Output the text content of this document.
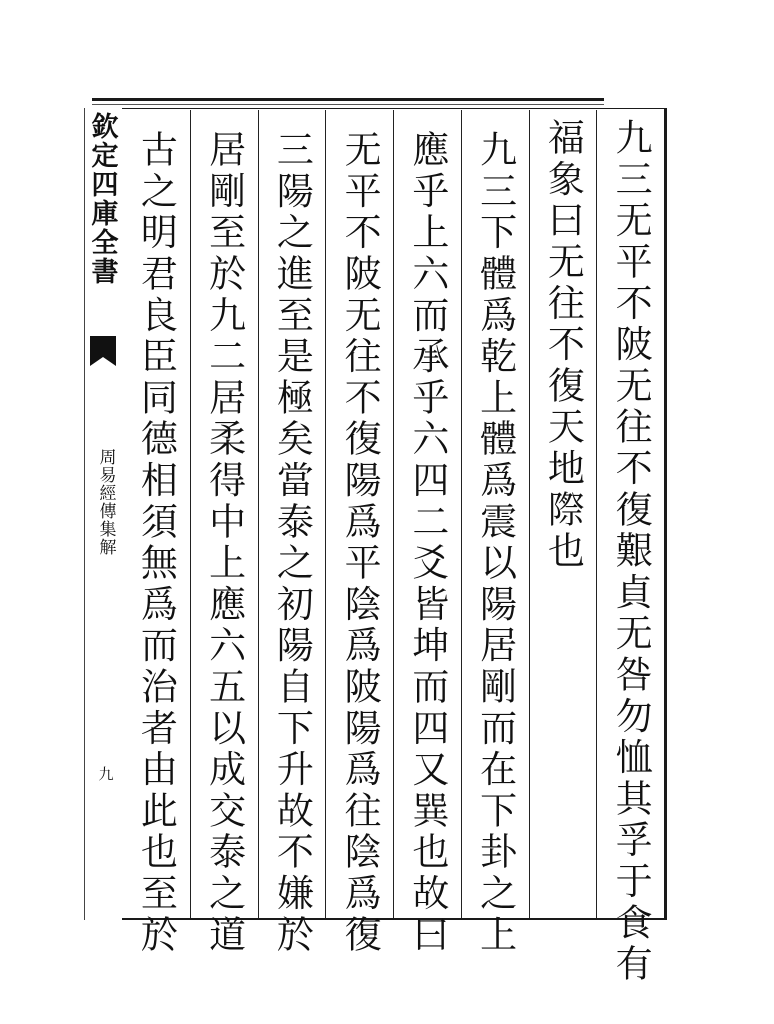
欽定四庫全書
周易經傳集解
九	九三无平不陂无往不復艱貞无咎勿恤其孚于食有
福象曰无往不復天地際也
九三下體爲乾上體爲震以陽居剛而在下卦之上
應乎上六而承乎六四二爻皆坤而四又巽也故曰
无平不陂无往不復陽爲平陰爲陂陽爲往陰爲復
三陽之進至是極矣當泰之初陽自下升故不嫌於
居剛至於九二居柔得中上應六五以成交泰之道
古之明君良臣同德相須無爲而治者由此也至於
